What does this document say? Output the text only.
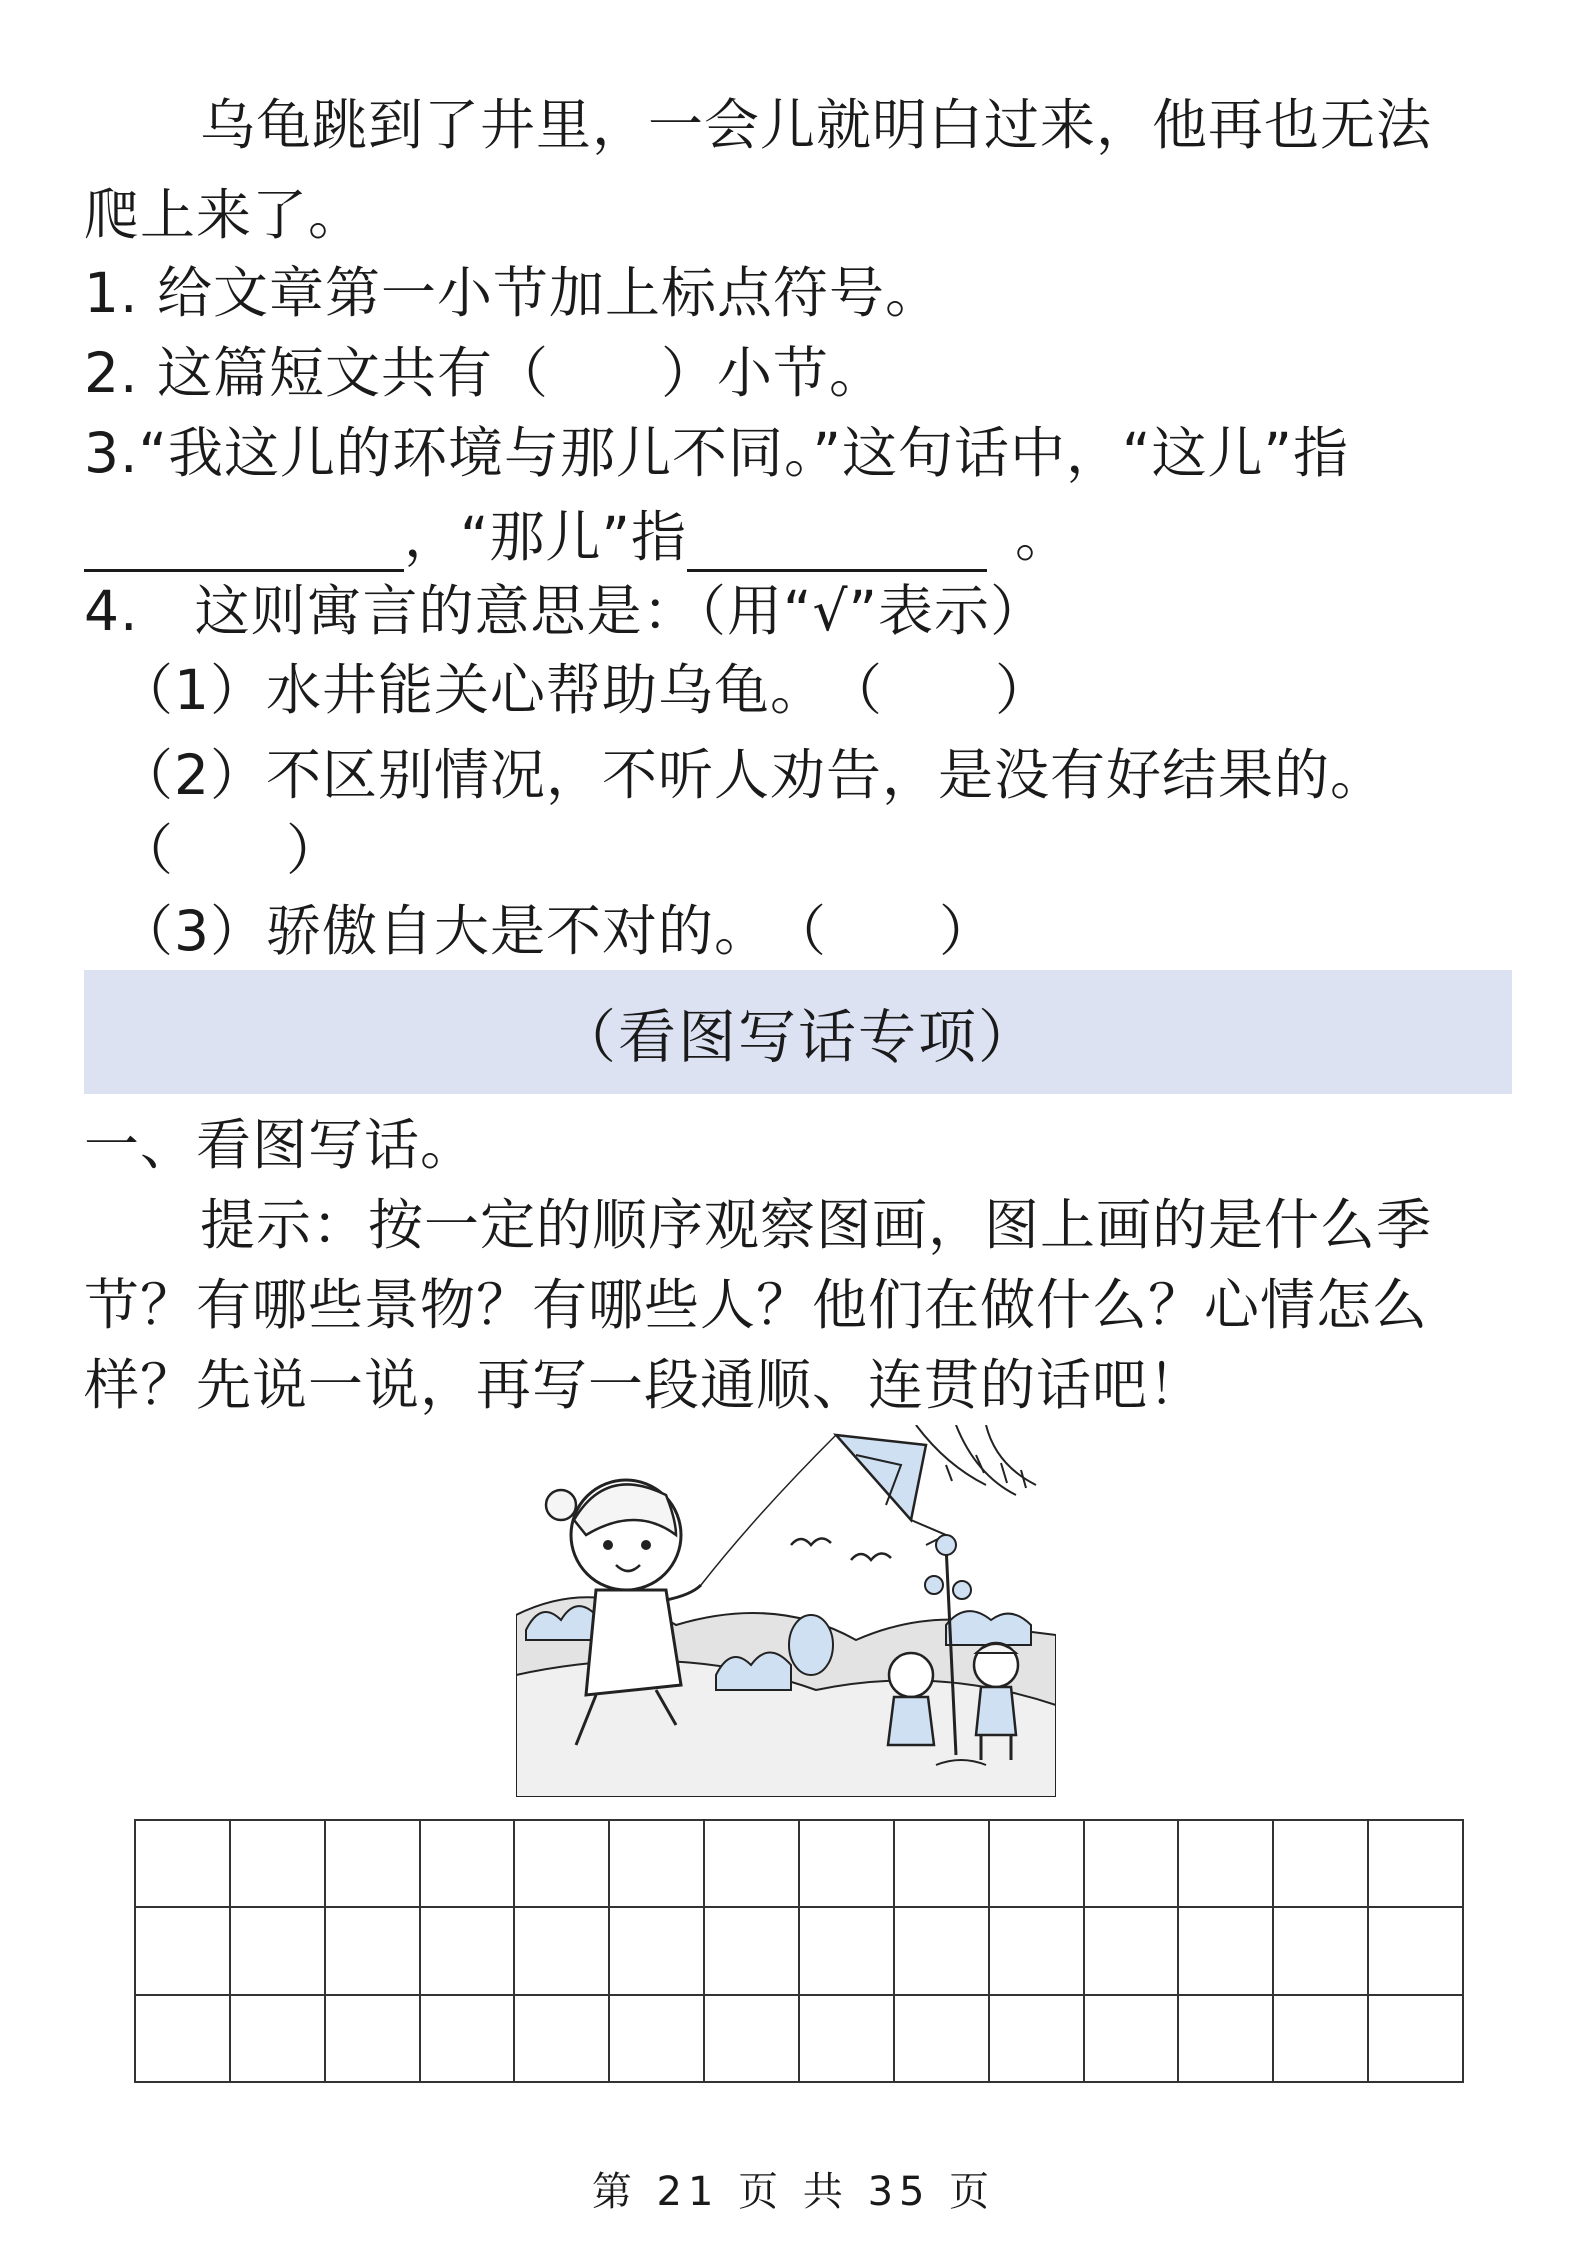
乌龟跳到了井里，一会儿就明白过来，他再也无法
爬上来了。
1. 给文章第一小节加上标点符号。
2. 这篇短文共有（　　）小节。
3.“我这儿的环境与那儿不同。”这句话中，“这儿”指
，“那儿”指	。
4.　这则寓言的意思是：（用“√”表示）
（1）水井能关心帮助乌龟。　（　　）
（2）不区别情况，不听人劝告，是没有好结果的。
（　　）
（3）骄傲自大是不对的。　（　　）
（看图写话专项）
一、看图写话。
提示：按一定的顺序观察图画，图上画的是什么季
节？有哪些景物？有哪些人？他们在做什么？心情怎么
样？先说一说，再写一段通顺、连贯的话吧！
第 21 页 共 35 页
